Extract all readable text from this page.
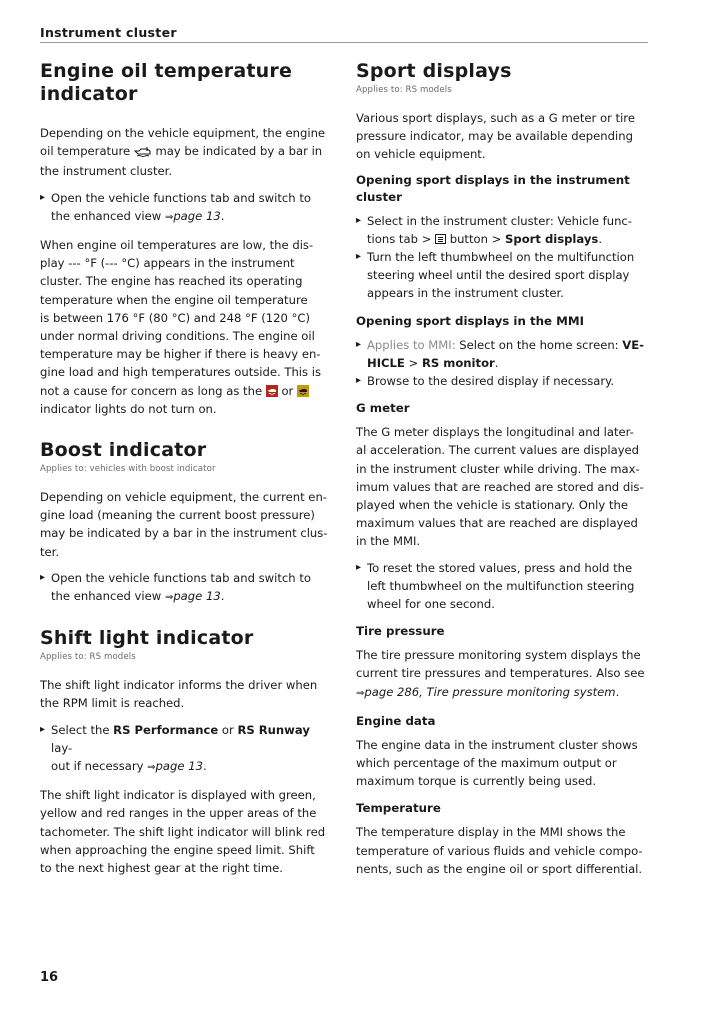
Instrument cluster
Engine oil temperature
indicator

Depending on the vehicle equipment, the engine
oil temperature may be indicated by a bar in
the instrument cluster.

▸ Open the vehicle functions tab and switch to
the enhanced view ⇒page 13.

When engine oil temperatures are low, the dis-
play --- °F (--- °C) appears in the instrument
cluster. The engine has reached its operating
temperature when the engine oil temperature
is between 176 °F (80 °C) and 248 °F (120 °C)
under normal driving conditions. The engine oil
temperature may be higher if there is heavy en-
gine load and high temperatures outside. This is
not a cause for concern as long as the or

indicator lights do not turn on.

Boost indicator
Applies to: vehicles with boost indicator

Depending on vehicle equipment, the current en-
gine load (meaning the current boost pressure)
may be indicated by a bar in the instrument clus-
ter.

▸ Open the vehicle functions tab and switch to
the enhanced view ⇒page 13.
Shift light indicator
Applies to: RS models

The shift light indicator informs the driver when
the RPM limit is reached.

▸ Select the RS Performance or RS Runway lay-
out if necessary ⇒page 13.

The shift light indicator is displayed with green,
yellow and red ranges in the upper areas of the
tachometer. The shift light indicator will blink red
when approaching the engine speed limit. Shift
to the next highest gear at the right time.

Sport displays
Applies to: RS models

Various sport displays, such as a G meter or tire
pressure indicator, may be available depending
on vehicle equipment.

Opening sport displays in the instrument
cluster
▸ Select in the instrument cluster: Vehicle func-
tions tab > button > Sport displays.
▸ Turn the left thumbwheel on the multifunction
steering wheel until the desired sport display
appears in the instrument cluster.
Opening sport displays in the MMI
▸ Applies to MMI: Select on the home screen: VE-
HICLE > RS monitor.
▸ Browse to the desired display if necessary.
G meter

The G meter displays the longitudinal and later-
al acceleration. The current values are displayed
in the instrument cluster while driving. The max-
imum values that are reached are stored and dis-
played when the vehicle is stationary. Only the
maximum values that are reached are displayed
in the MMI.

▸ To reset the stored values, press and hold the
left thumbwheel on the multifunction steering
wheel for one second.
Tire pressure

The tire pressure monitoring system displays the
current tire pressures and temperatures. Also see
⇒page 286, Tire pressure monitoring system.

Engine data

The engine data in the instrument cluster shows
which percentage of the maximum output or
maximum torque is currently being used.

Temperature

The temperature display in the MMI shows the
temperature of various fluids and vehicle compo-
nents, such as the engine oil or sport differential.

16
